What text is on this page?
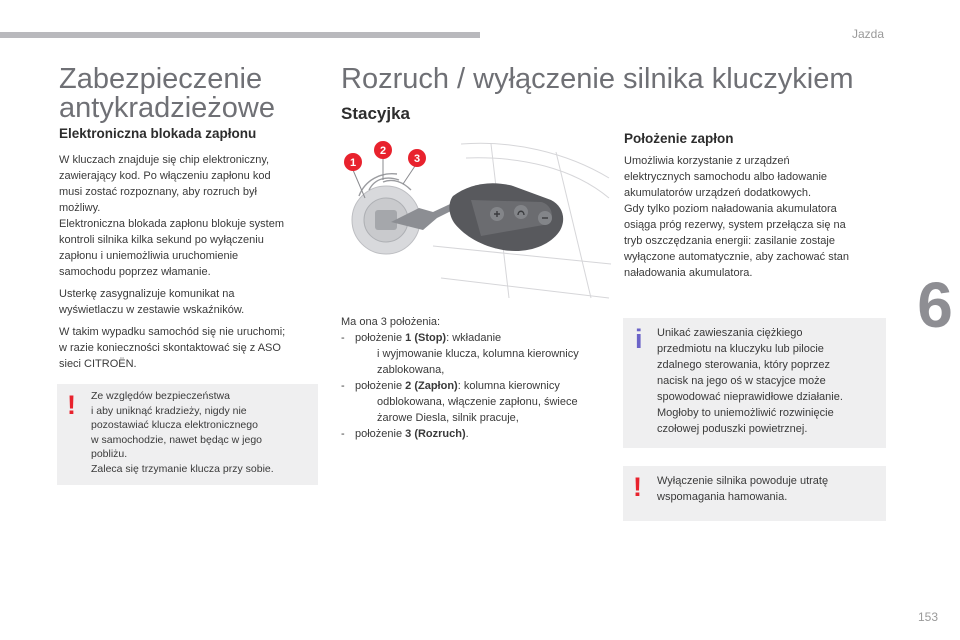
Jazda
Zabezpieczenie
antykradzieżowe
Elektroniczna blokada zapłonu
W kluczach znajduje się chip elektroniczny,
zawierający kod. Po włączeniu zapłonu kod
musi zostać rozpoznany, aby rozruch był
możliwy.
Elektroniczna blokada zapłonu blokuje system
kontroli silnika kilka sekund po wyłączeniu
zapłonu i uniemożliwia uruchomienie
samochodu poprzez włamanie.
Usterkę zasygnalizuje komunikat na
wyświetlaczu w zestawie wskaźników.
W takim wypadku samochód się nie uruchomi;
w razie konieczności skontaktować się z ASO
sieci CITROËN.
! Ze względów bezpieczeństwa
i aby uniknąć kradzieży, nigdy nie
pozostawiać klucza elektronicznego
w samochodzie, nawet będąc w jego
pobliżu.
Zaleca się trzymanie klucza przy sobie.
Rozruch / wyłączenie silnika kluczykiem
Stacyjka
1
2
3
Ma ona 3 położenia:
- położenie 1 (Stop): wkładanie
i wyjmowanie klucza, kolumna kierownicy
zablokowana,
- położenie 2 (Zapłon): kolumna kierownicy
odblokowana, włączenie zapłonu, świece
żarowe Diesla, silnik pracuje,
- położenie 3 (Rozruch).
Położenie zapłon
Umożliwia korzystanie z urządzeń
elektrycznych samochodu albo ładowanie
akumulatorów urządzeń dodatkowych.
Gdy tylko poziom naładowania akumulatora
osiąga próg rezerwy, system przełącza się na
tryb oszczędzania energii: zasilanie zostaje
wyłączone automatycznie, aby zachować stan
naładowania akumulatora.
i Unikać zawieszania ciężkiego
przedmiotu na kluczyku lub pilocie
zdalnego sterowania, który poprzez
nacisk na jego oś w stacyjce może
spowodować nieprawidłowe działanie.
Mogłoby to uniemożliwić rozwinięcie
czołowej poduszki powietrznej.
! Wyłączenie silnika powoduje utratę
wspomagania hamowania.
6
153
